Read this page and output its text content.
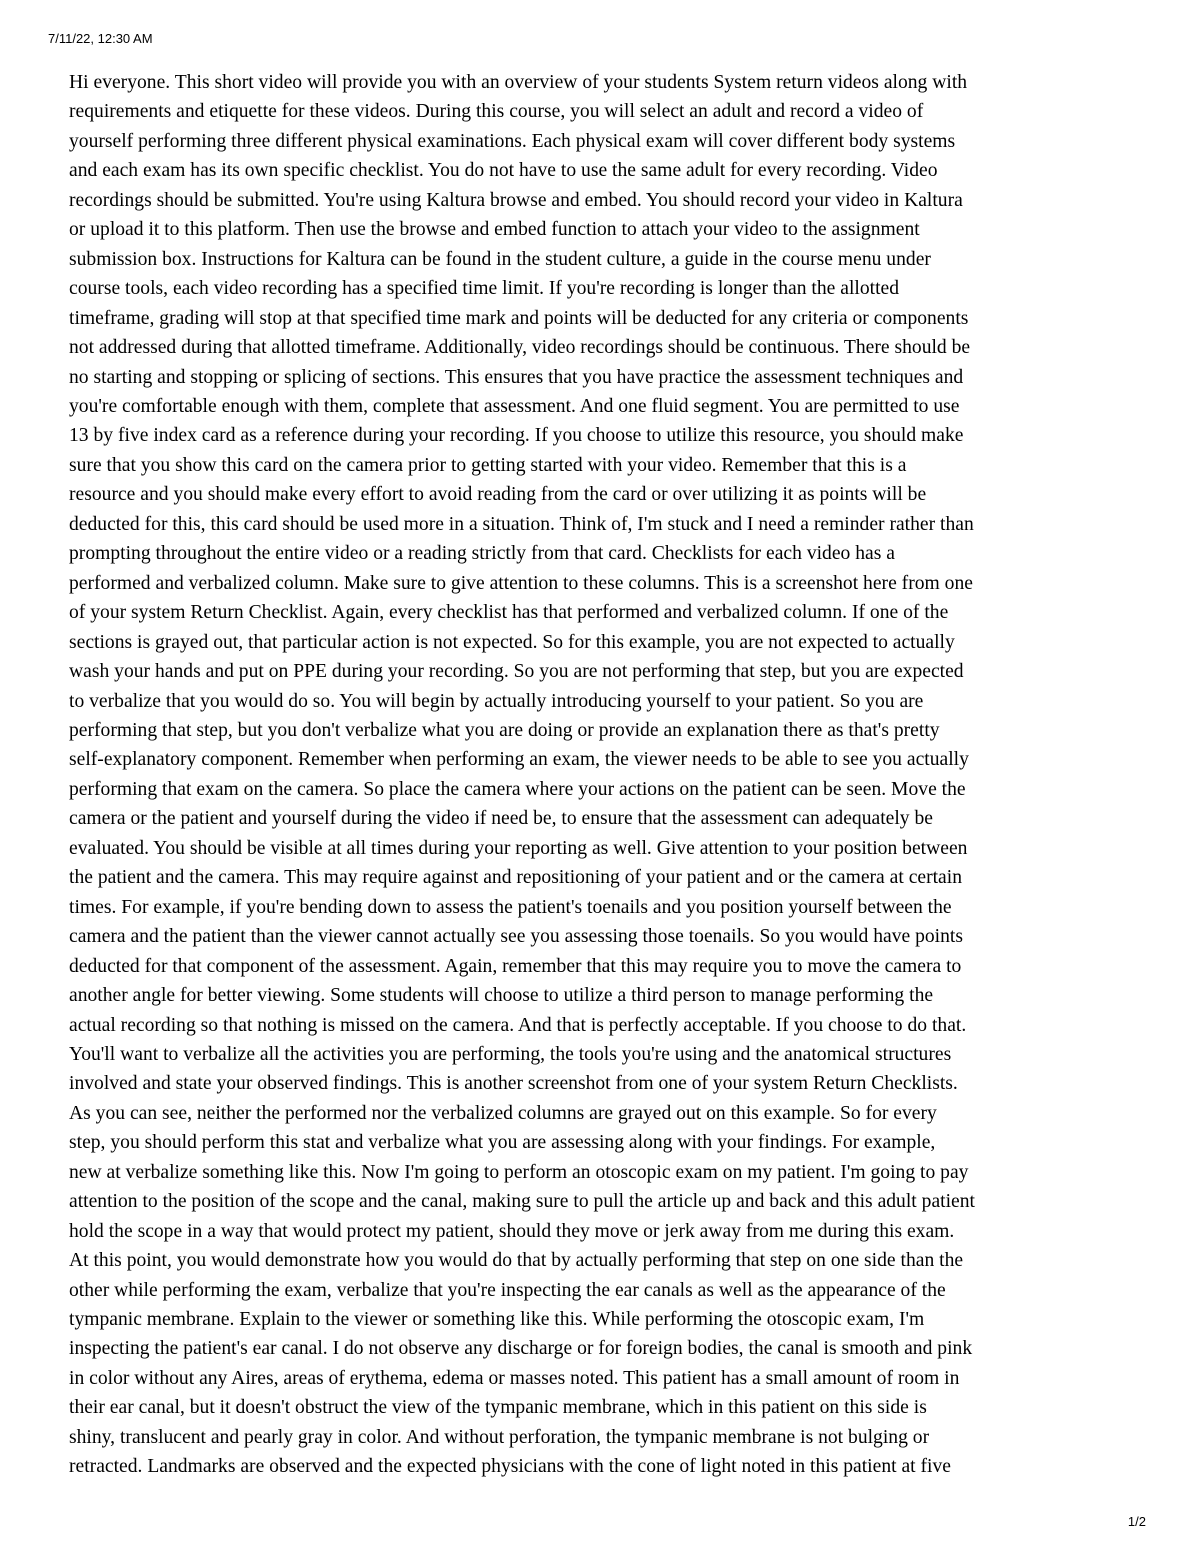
7/11/22, 12:30 AM
Hi everyone. This short video will provide you with an overview of your students System return videos along with
requirements and etiquette for these videos. During this course, you will select an adult and record a video of
yourself performing three different physical examinations. Each physical exam will cover different body systems
and each exam has its own specific checklist. You do not have to use the same adult for every recording. Video
recordings should be submitted. You're using Kaltura browse and embed. You should record your video in Kaltura
or upload it to this platform. Then use the browse and embed function to attach your video to the assignment
submission box. Instructions for Kaltura can be found in the student culture, a guide in the course menu under
course tools, each video recording has a specified time limit. If you're recording is longer than the allotted
timeframe, grading will stop at that specified time mark and points will be deducted for any criteria or components
not addressed during that allotted timeframe. Additionally, video recordings should be continuous. There should be
no starting and stopping or splicing of sections. This ensures that you have practice the assessment techniques and
you're comfortable enough with them, complete that assessment. And one fluid segment. You are permitted to use
13 by five index card as a reference during your recording. If you choose to utilize this resource, you should make
sure that you show this card on the camera prior to getting started with your video. Remember that this is a
resource and you should make every effort to avoid reading from the card or over utilizing it as points will be
deducted for this, this card should be used more in a situation. Think of, I'm stuck and I need a reminder rather than
prompting throughout the entire video or a reading strictly from that card. Checklists for each video has a
performed and verbalized column. Make sure to give attention to these columns. This is a screenshot here from one
of your system Return Checklist. Again, every checklist has that performed and verbalized column. If one of the
sections is grayed out, that particular action is not expected. So for this example, you are not expected to actually
wash your hands and put on PPE during your recording. So you are not performing that step, but you are expected
to verbalize that you would do so. You will begin by actually introducing yourself to your patient. So you are
performing that step, but you don't verbalize what you are doing or provide an explanation there as that's pretty
self-explanatory component. Remember when performing an exam, the viewer needs to be able to see you actually
performing that exam on the camera. So place the camera where your actions on the patient can be seen. Move the
camera or the patient and yourself during the video if need be, to ensure that the assessment can adequately be
evaluated. You should be visible at all times during your reporting as well. Give attention to your position between
the patient and the camera. This may require against and repositioning of your patient and or the camera at certain
times. For example, if you're bending down to assess the patient's toenails and you position yourself between the
camera and the patient than the viewer cannot actually see you assessing those toenails. So you would have points
deducted for that component of the assessment. Again, remember that this may require you to move the camera to
another angle for better viewing. Some students will choose to utilize a third person to manage performing the
actual recording so that nothing is missed on the camera. And that is perfectly acceptable. If you choose to do that.
You'll want to verbalize all the activities you are performing, the tools you're using and the anatomical structures
involved and state your observed findings. This is another screenshot from one of your system Return Checklists.
As you can see, neither the performed nor the verbalized columns are grayed out on this example. So for every
step, you should perform this stat and verbalize what you are assessing along with your findings. For example,
new at verbalize something like this. Now I'm going to perform an otoscopic exam on my patient. I'm going to pay
attention to the position of the scope and the canal, making sure to pull the article up and back and this adult patient
hold the scope in a way that would protect my patient, should they move or jerk away from me during this exam.
At this point, you would demonstrate how you would do that by actually performing that step on one side than the
other while performing the exam, verbalize that you're inspecting the ear canals as well as the appearance of the
tympanic membrane. Explain to the viewer or something like this. While performing the otoscopic exam, I'm
inspecting the patient's ear canal. I do not observe any discharge or for foreign bodies, the canal is smooth and pink
in color without any Aires, areas of erythema, edema or masses noted. This patient has a small amount of room in
their ear canal, but it doesn't obstruct the view of the tympanic membrane, which in this patient on this side is
shiny, translucent and pearly gray in color. And without perforation, the tympanic membrane is not bulging or
retracted. Landmarks are observed and the expected physicians with the cone of light noted in this patient at five
1/2
